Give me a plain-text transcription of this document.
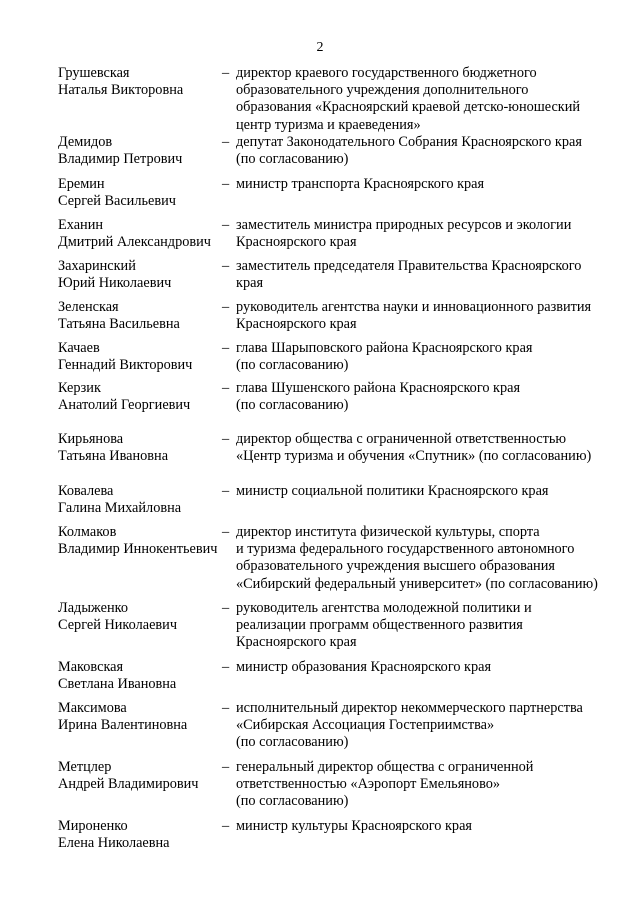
2
Грушевская
Наталья Викторовна
– директор краевого государственного бюджетного
образовательного учреждения дополнительного
образования «Красноярский краевой детско-юношеский
центр туризма и краеведения»
Демидов
Владимир Петрович
– депутат Законодательного Собрания Красноярского края
(по согласованию)
Еремин
Сергей Васильевич
– министр транспорта Красноярского края
Еханин
Дмитрий Александрович
– заместитель министра природных ресурсов и экологии
Красноярского края
Захаринский
Юрий Николаевич
– заместитель председателя Правительства Красноярского
края
Зеленская
Татьяна Васильевна
– руководитель агентства науки и инновационного развития
Красноярского края
Качаев
Геннадий Викторович
– глава Шарыповского района Красноярского края
(по согласованию)
Керзик
Анатолий Георгиевич
– глава Шушенского района Красноярского края
(по согласованию)
Кирьянова
Татьяна Ивановна
– директор общества с ограниченной ответственностью
«Центр туризма и обучения «Спутник» (по согласованию)
Ковалева
Галина Михайловна
– министр социальной политики Красноярского края
Колмаков
Владимир Иннокентьевич
– директор института физической культуры, спорта
и туризма федерального государственного автономного
образовательного учреждения высшего образования
«Сибирский федеральный университет» (по согласованию)
Ладыженко
Сергей Николаевич
– руководитель агентства молодежной политики и
реализации программ общественного развития
Красноярского края
Маковская
Светлана Ивановна
– министр образования Красноярского края
Максимова
Ирина Валентиновна
– исполнительный директор некоммерческого партнерства
«Сибирская Ассоциация Гостеприимства»
(по согласованию)
Метцлер
Андрей Владимирович
– генеральный директор общества с ограниченной
ответственностью «Аэропорт Емельяново»
(по согласованию)
Мироненко
Елена Николаевна
– министр культуры Красноярского края
